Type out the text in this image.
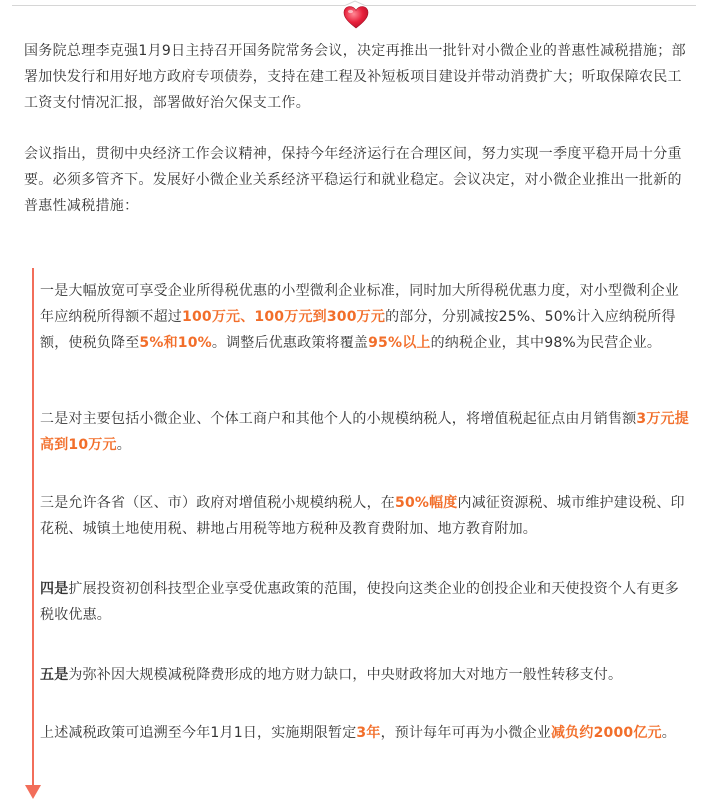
国务院总理李克强1月9日主持召开国务院常务会议，决定再推出一批针对小微企业的普惠性减税措施；部署加快发行和用好地方政府专项债券，支持在建工程及补短板项目建设并带动消费扩大；听取保障农民工工资支付情况汇报，部署做好治欠保支工作。

会议指出，贯彻中央经济工作会议精神，保持今年经济运行在合理区间，努力实现一季度平稳开局十分重要。必须多管齐下。发展好小微企业关系经济平稳运行和就业稳定。会议决定，对小微企业推出一批新的普惠性减税措施：

一是大幅放宽可享受企业所得税优惠的小型微利企业标准，同时加大所得税优惠力度，对小型微利企业年应纳税所得额不超过100万元、100万元到300万元的部分，分别减按25%、50%计入应纳税所得额，使税负降至5%和10%。调整后优惠政策将覆盖95%以上的纳税企业，其中98%为民营企业。

二是对主要包括小微企业、个体工商户和其他个人的小规模纳税人，将增值税起征点由月销售额3万元提高到10万元。

三是允许各省（区、市）政府对增值税小规模纳税人，在50%幅度内减征资源税、城市维护建设税、印花税、城镇土地使用税、耕地占用税等地方税种及教育费附加、地方教育附加。

四是扩展投资初创科技型企业享受优惠政策的范围，使投向这类企业的创投企业和天使投资个人有更多税收优惠。

五是为弥补因大规模减税降费形成的地方财力缺口，中央财政将加大对地方一般性转移支付。

上述减税政策可追溯至今年1月1日，实施期限暂定3年，预计每年可再为小微企业减负约2000亿元。
